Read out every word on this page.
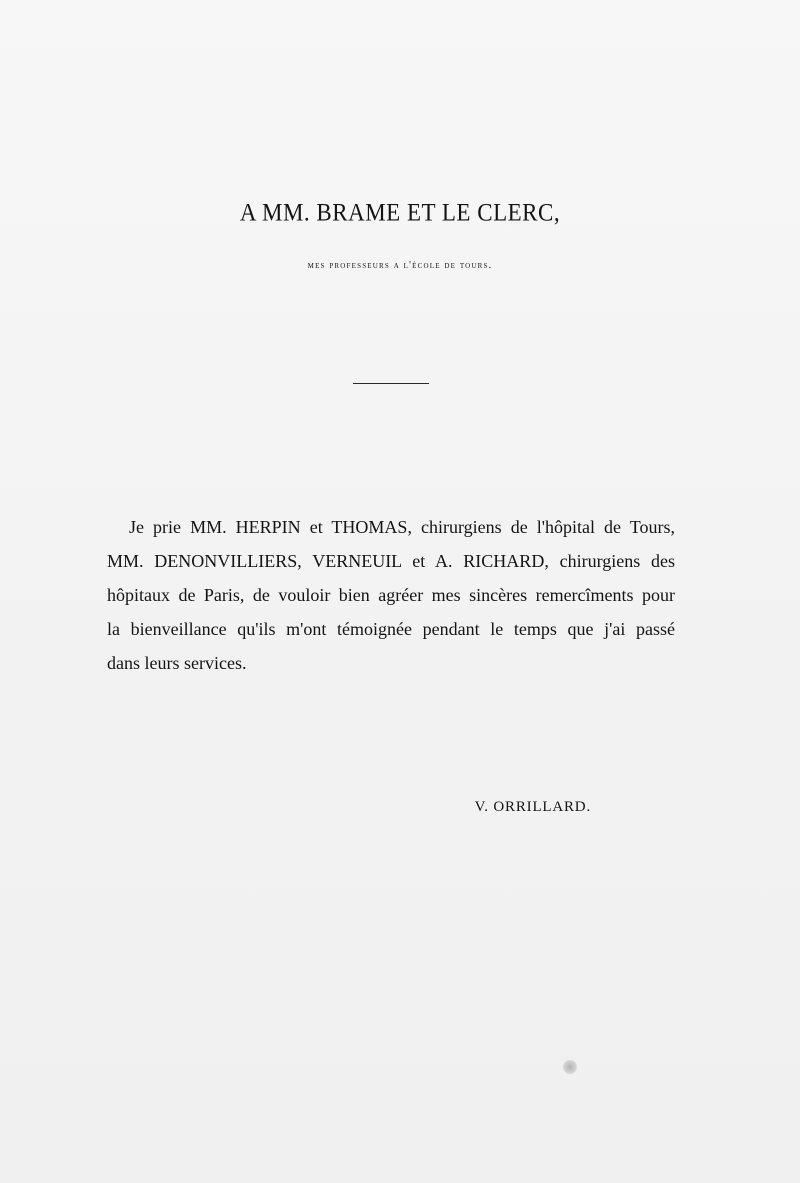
A MM. BRAME ET LE CLERC,

mes professeurs a l'école de tours.

Je prie MM. HERPIN et THOMAS, chirurgiens de l'hôpital de Tours,
MM. DENONVILLIERS, VERNEUIL et A. RICHARD, chirurgiens des
hôpitaux de Paris, de vouloir bien agréer mes sincères remercîments pour
la bienveillance qu'ils m'ont témoignée pendant le temps que j'ai passé
dans leurs services.

V. ORRILLARD.
